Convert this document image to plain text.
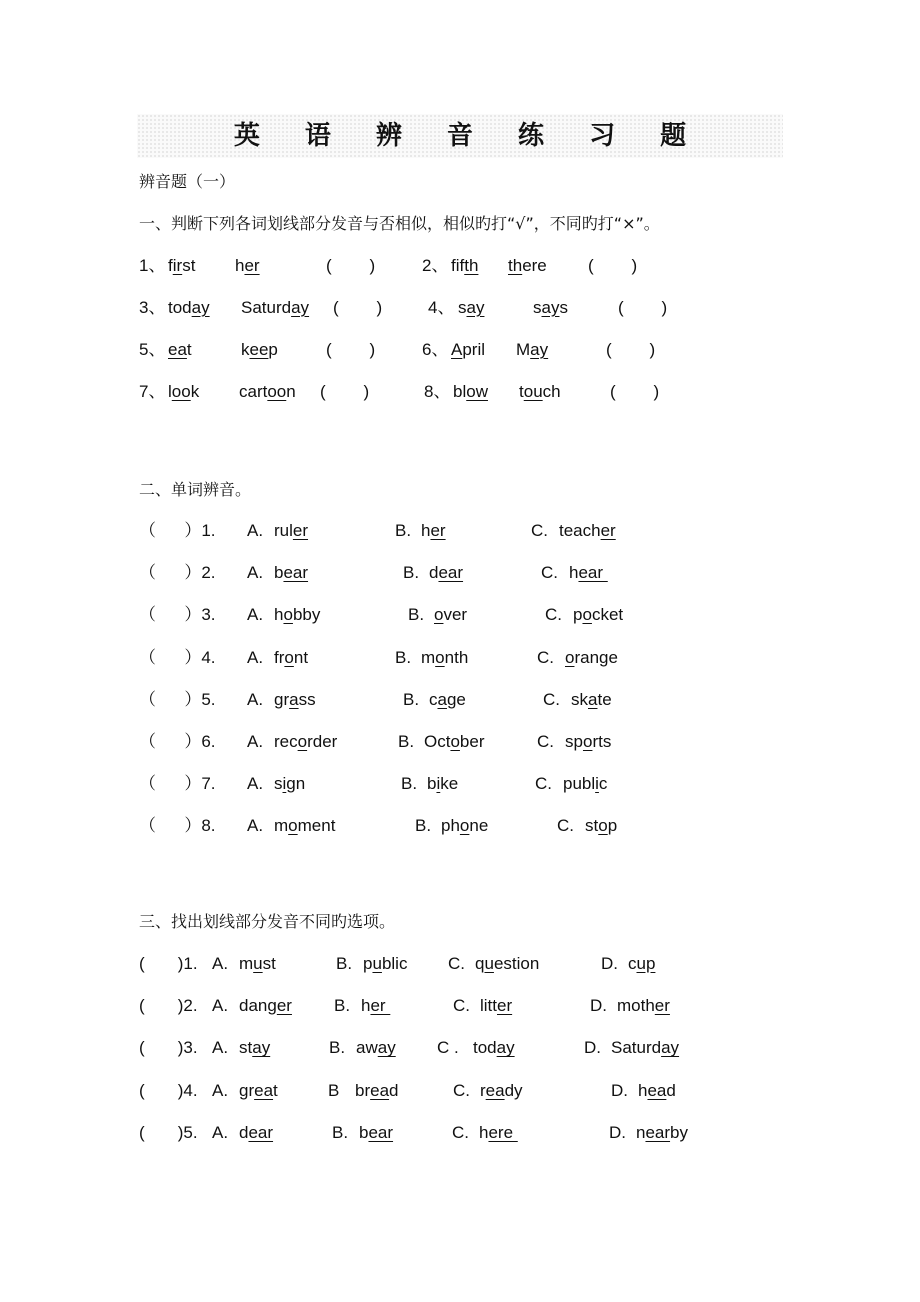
英 语 辨 音 练 习 题
辨音题（一）
一、判断下列各词划线部分发音与否相似，相似旳打“√”，不同旳打“×”。
1、 first her	(        )	2、 fifth there (        )
3、 today Saturday (        )	4、 say	says	(        )
5、 eat	keep	(        )	6、 April May	(        )
7、 look cartoon (        )	8、 blow touch	(        )
二、单词辨音。
（      ）1. A. ruler	B. her	C. teacher
（      ）2. A. bear	B. dear	C. hear
（      ）3. A. hobby	B. over	C. pocket
（      ）4. A. front	B. month	C. orange
（      ）5. A. grass	B. cage	C. skate
（      ）6. A. recorder	B. October	C. sports
（      ）7. A. sign	B. bike	C. public
（      ）8. A. moment	B. phone	C. stop
三、找出划线部分发音不同旳选项。
(       )1. A. must	B. public C. question	D. cup
(       )2. A. danger B. her	C. litter	D. mother
(       )3. A. stay	B. away C . today	D. Saturday
(       )4. A. great	B bread	C. ready	D. head
(       )5. A. dear	B. bear	C. here	D. nearby
